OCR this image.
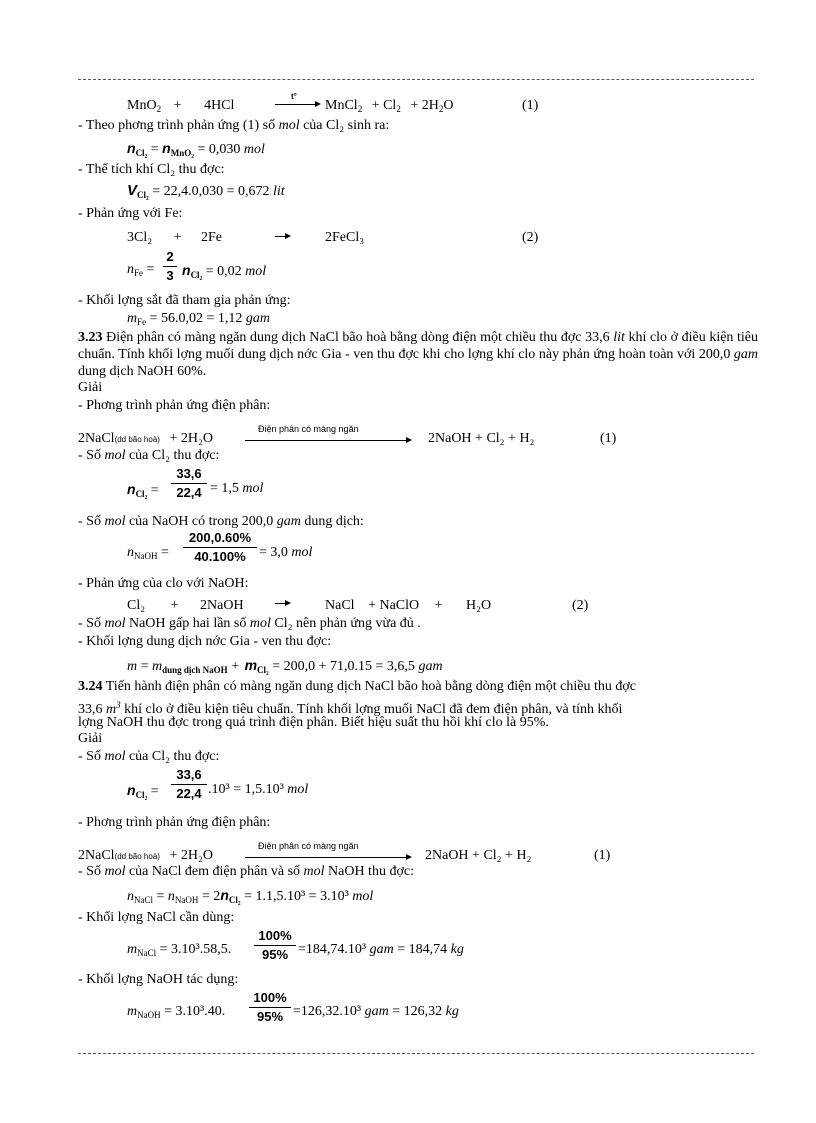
MnO$_2$ + 4HCl
t°
→ MnCl$_2$ + $Cl_2 + 2H_2O$	(1)
- Theo phơng trình phản ứng (1) số mol của Cl₂ sinh ra:
$n_{Cl_2} = n_{MnO_2} = 0,030$ mol
- Thể tích khí Cl₂ thu đợc:
$V_{Cl_2} = 22,4.0,030 = 0,672$ lit
- Phản ứng với Fe:
3Cl₂ + 2Fe	2FeCl₃	(2)
$n_{Fe} = \frac{2}{3} n_{Cl_2} = 0,02$ mol
- Khối lợng sắt đã tham gia phản ứng:
$m_{Fe} = 56.0,02 = 1,12$ gam
3.23 Điện phân có màng ngăn dung dịch NaCl bão hoà bằng dòng điện một chiều thu đợc 33,6 lit khí clo ở điều kiện tiêu chuẩn. Tính khối lợng muối dung dịch nớc Gia - ven thu đợc khi cho lợng khí clo này phản ứng hoàn toàn với 200,0 gam dung dịch NaOH 60%.
Giải
- Phơng trình phản ứng điện phân:
Điện phân có màng ngăn
2NaCl(dd bão hoà) + 2H₂O	2NaOH + Cl₂ + H₂	(1)
- Số mol của Cl₂ thu đợc:
$n_{Cl_2} = \frac{33,6}{22,4} = 1,5$ mol
- Số mol của NaOH có trong 200,0 gam dung dịch:
$n_{NaOH} = \frac{200,0.60\%}{40.100\%} = 3,0$ mol
- Phản ứng của clo với NaOH:
Cl₂ + 2NaOH	NaCl + NaClO + H₂O	(2)
- Số mol NaOH gấp hai lần số mol Cl₂ nên phản ứng vừa đủ .
- Khối lợng dung dịch nớc Gia - ven thu đợc:
$m = m_{dung dịch NaOH} + m_{Cl_2} = 200,0 + 71,0.15 = 3,6,5$ gam
3.24 Tiến hành điện phân có màng ngăn dung dịch NaCl bão hoà bằng dòng điện một chiều thu đợc
33,6 $m^3$ khí clo ở điều kiện tiêu chuẩn. Tính khối lợng muối NaCl đã đem điện phân, và tính khối
lợng NaOH thu đợc trong quá trình điện phân. Biết hiệu suất thu hồi khí clo là 95%.
Giải
- Số mol của Cl₂ thu đợc:
$n_{Cl_2} = \frac{33,6}{22,4} .10^3 = 1,5.10^3$ mol
- Phơng trình phản ứng điện phân:
Điện phân có màng ngăn
2NaCl(dd bão hoà) + 2H₂O	2NaOH + Cl₂ + H₂	(1)
- Số mol của NaCl đem điện phân và số mol NaOH thu đợc:
$n_{NaCl} = n_{NaOH} = 2n_{Cl_2} = 1.1,5.10^3 = 3.10^3$ mol
- Khối lợng NaCl cần dùng:
$m_{NaCl} = 3.10^3.58,5$. $\frac{100\%}{95\%} =184,74.10^3$ gam = 184,74 kg
- Khối lợng NaOH tác dụng:
$m_{NaOH} = 3.10^3.40$. $\frac{100\%}{95\%} =126,32.10^3$ gam = 126,32 kg
